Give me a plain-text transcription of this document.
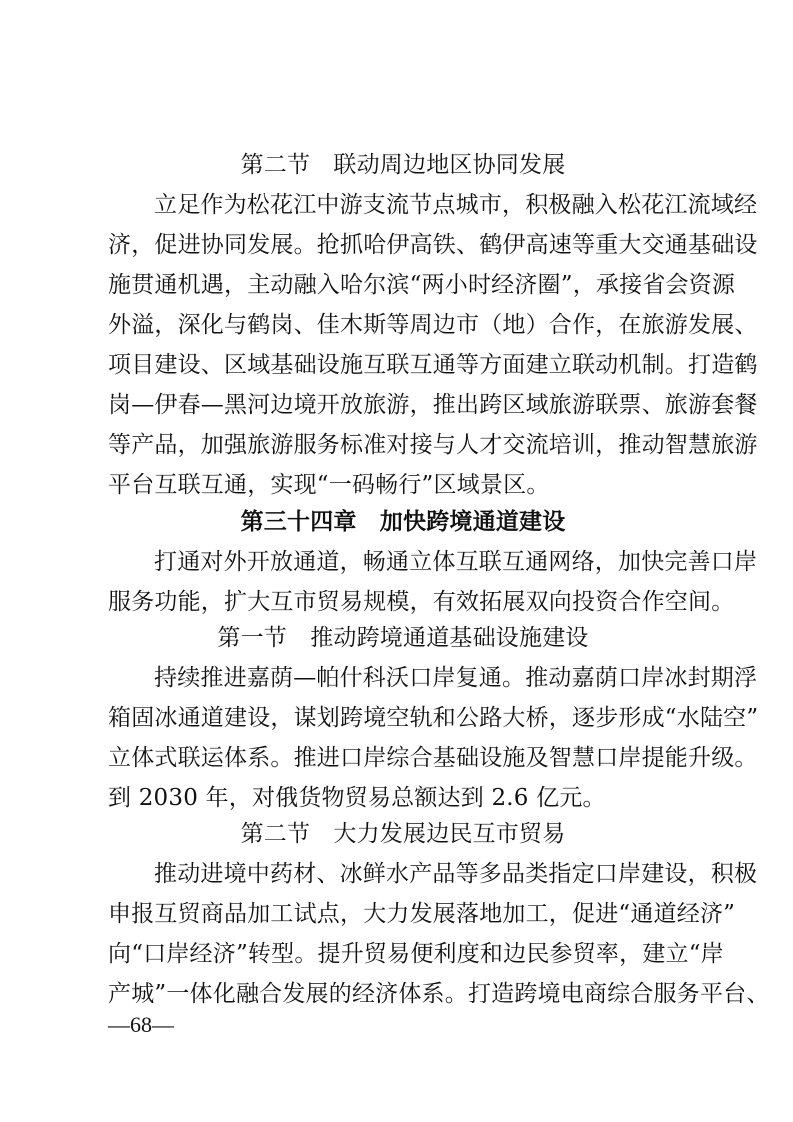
第二节　联动周边地区协同发展

立足作为松花江中游支流节点城市，积极融入松花江流域经

济，促进协同发展。抢抓哈伊高铁、鹤伊高速等重大交通基础设

施贯通机遇，主动融入哈尔滨“两小时经济圈”，承接省会资源

外溢，深化与鹤岗、佳木斯等周边市（地）合作，在旅游发展、

项目建设、区域基础设施互联互通等方面建立联动机制。打造鹤

岗—伊春—黑河边境开放旅游，推出跨区域旅游联票、旅游套餐

等产品，加强旅游服务标准对接与人才交流培训，推动智慧旅游

平台互联互通，实现“一码畅行”区域景区。

第三十四章　加快跨境通道建设

打通对外开放通道，畅通立体互联互通网络，加快完善口岸

服务功能，扩大互市贸易规模，有效拓展双向投资合作空间。

第一节　推动跨境通道基础设施建设

持续推进嘉荫—帕什科沃口岸复通。推动嘉荫口岸冰封期浮

箱固冰通道建设，谋划跨境空轨和公路大桥，逐步形成“水陆空”

立体式联运体系。推进口岸综合基础设施及智慧口岸提能升级。

到 2030 年，对俄货物贸易总额达到 2.6 亿元。

第二节　大力发展边民互市贸易

推动进境中药材、冰鲜水产品等多品类指定口岸建设，积极

申报互贸商品加工试点，大力发展落地加工，促进“通道经济”

向“口岸经济”转型。提升贸易便利度和边民参贸率，建立“岸

产城”一体化融合发展的经济体系。打造跨境电商综合服务平台、

—68—
